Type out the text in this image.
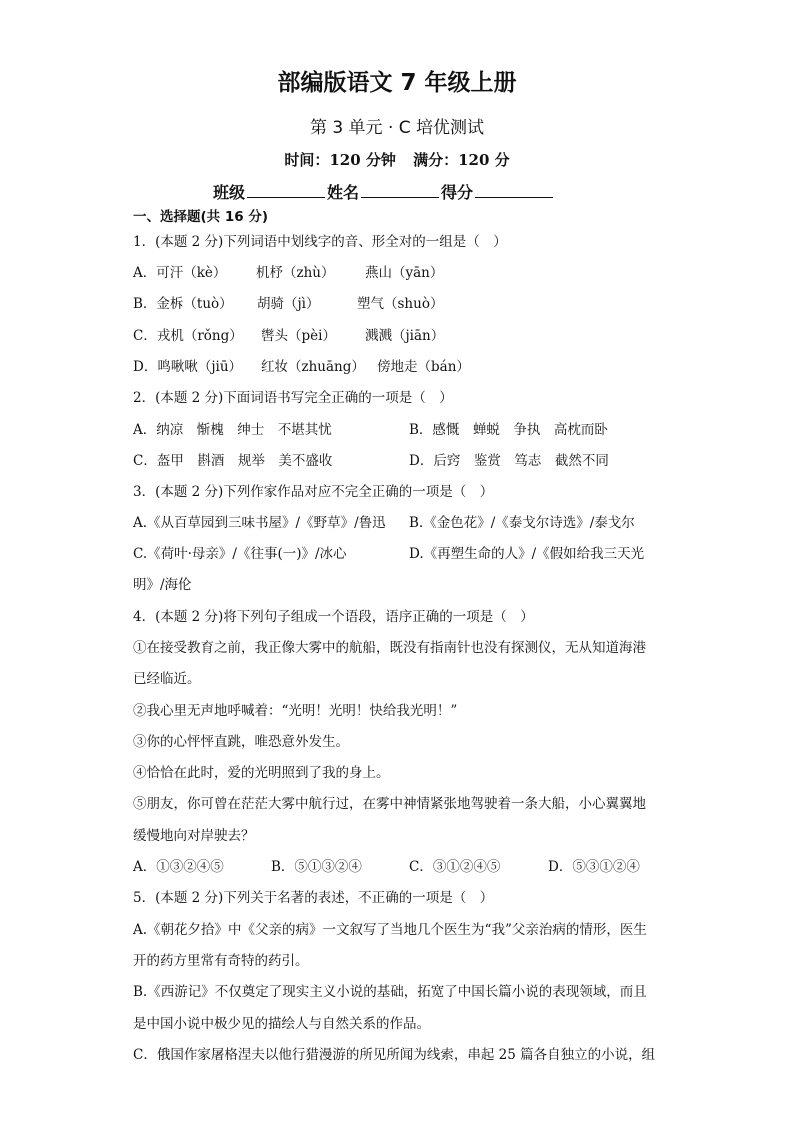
部编版语文 7 年级上册
第 3 单元 · C 培优测试
时间：120 分钟 满分：120 分
班级	姓名	得分
一、选择题(共 16 分)
1．(本题 2 分)下列词语中划线字的音、形全对的一组是（　）
A．可汗（kè） 机杼（zhù） 燕山（yān）
B．金柝（tuò） 胡骑（jì）	塑气（shuò）
C．戎机（rǒng） 辔头（pèi） 溅溅（jiān）
D．鸣啾啾（jiū） 红妆（zhuāng） 傍地走（bán）
2．(本题 2 分)下面词语书写完全正确的一项是（　）
A．纳凉　惭槐　绅士　不堪其忧	B．感慨　蝉蜕　争执　高枕而卧
C．盔甲　斟酒　规举　美不盛收	D．后窍　鉴赏　笃志　截然不同
3．(本题 2 分)下列作家作品对应不完全正确的一项是（　）
A.《从百草园到三味书屋》/《野草》/鲁迅 B.《金色花》/《泰戈尔诗选》/泰戈尔
C.《荷叶·母亲》/《往事(一)》/冰心	D.《再塑生命的人》/《假如给我三天光
明》/海伦
4．(本题 2 分)将下列句子组成一个语段，语序正确的一项是（　）
①在接受教育之前，我正像大雾中的航船，既没有指南针也没有探测仪，无从知道海港
已经临近。
②我心里无声地呼喊着：“光明！光明！快给我光明！”
③你的心怦怦直跳，唯恐意外发生。
④恰恰在此时，爱的光明照到了我的身上。
⑤朋友，你可曾在茫茫大雾中航行过，在雾中神情紧张地驾驶着一条大船，小心翼翼地
缓慢地向对岸驶去？
A．①③②④⑤	B．⑤①③②④	C．③①②④⑤	D．⑤③①②④
5．(本题 2 分)下列关于名著的表述，不正确的一项是（　）
A.《朝花夕拾》中《父亲的病》一文叙写了当地几个医生为“我”父亲治病的情形，医生
开的药方里常有奇特的药引。
B.《西游记》不仅奠定了现实主义小说的基础，拓宽了中国长篇小说的表现领域，而且
是中国小说中极少见的描绘人与自然关系的作品。
C．俄国作家屠格涅夫以他行猎漫游的所见所闻为线索，串起 25 篇各自独立的小说，组
